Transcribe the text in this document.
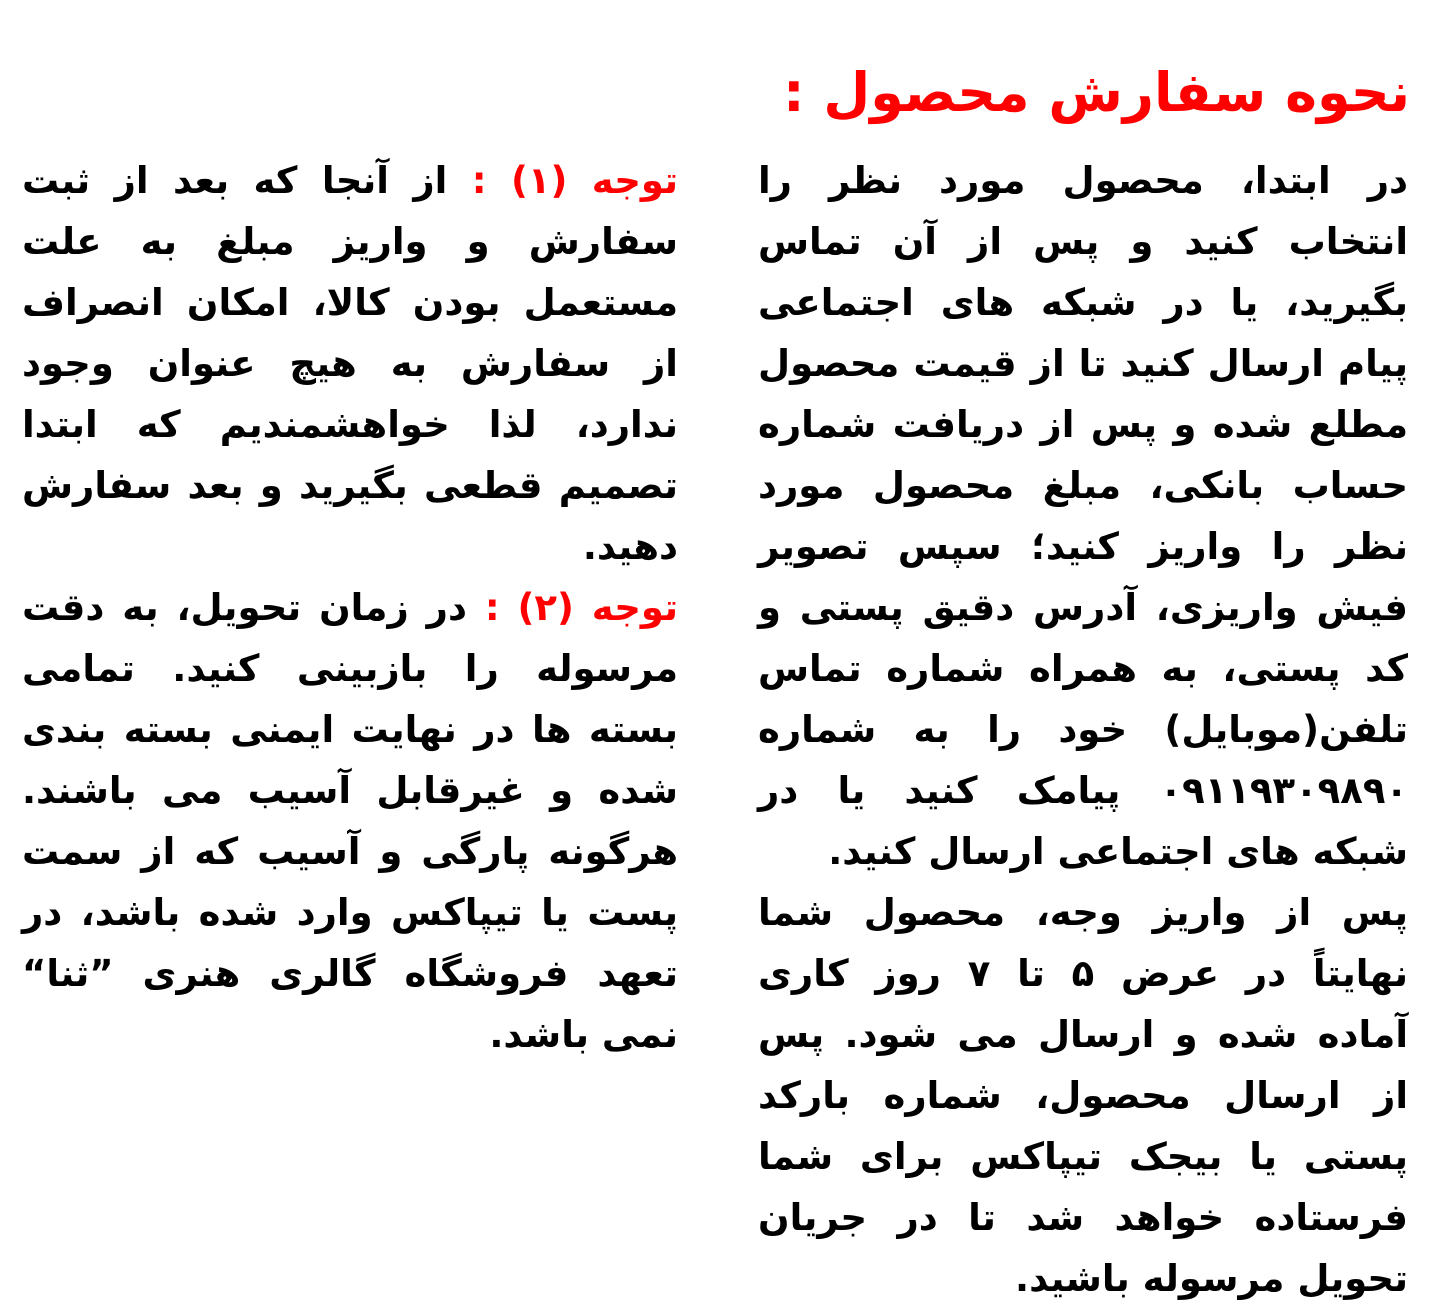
نحوه سفارش محصول :

در ابتدا، محصول مورد نظر را انتخاب کنید و پس از آن تماس بگیرید، یا در شبکه های اجتماعی پیام ارسال کنید تا از قیمت محصول مطلع شده و پس از دریافت شماره حساب بانکی، مبلغ محصول مورد نظر را واریز کنید؛ سپس تصویر فیش واریزی، آدرس دقیق پستی و کد پستی، به همراه شماره تماس تلفن(موبایل) خود را به شماره ۰۹۱۱۹۳۰۹۸۹۰ پیامک کنید یا در شبکه های اجتماعی ارسال کنید.

پس از واریز وجه، محصول شما نهایتاً در عرض ۵ تا ۷ روز کاری آماده شده و ارسال می شود. پس از ارسال محصول، شماره بارکد پستی یا بیجک تیپاکس برای شما فرستاده خواهد شد تا در جریان تحویل مرسوله باشید.

توجه (۱) : از آنجا که بعد از ثبت سفارش و واریز مبلغ به علت مستعمل بودن کالا، امکان انصراف از سفارش به هیچ عنوان وجود ندارد، لذا خواهشمندیم که ابتدا تصمیم قطعی بگیرید و بعد سفارش دهید.

توجه (۲) : در زمان تحویل، به دقت مرسوله را بازبینی کنید. تمامی بسته ها در نهایت ایمنی بسته بندی شده و غیرقابل آسیب می باشند. هرگونه پارگی و آسیب که از سمت پست یا تیپاکس وارد شده باشد، در تعهد فروشگاه گالری هنری ”ثنا“ نمی باشد.
